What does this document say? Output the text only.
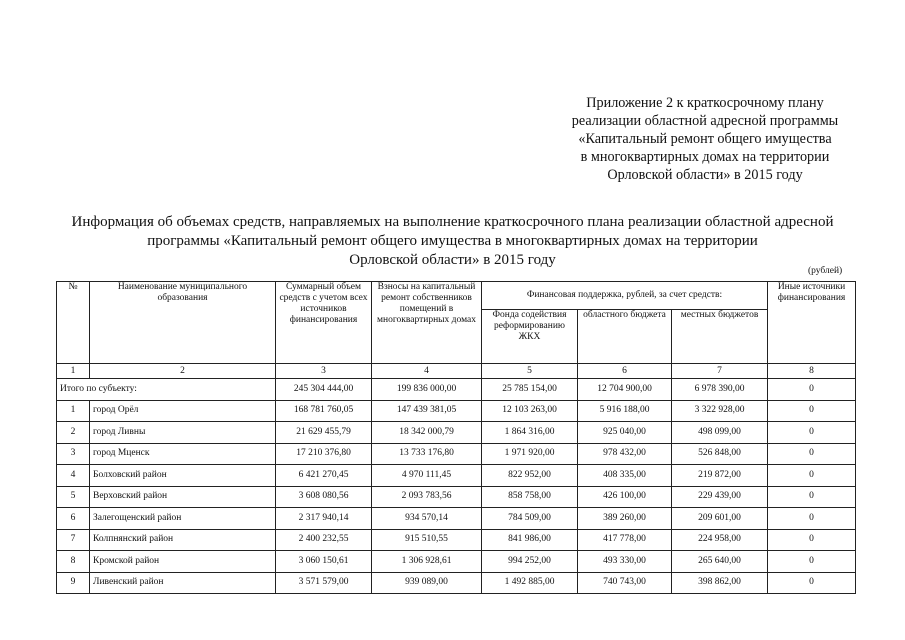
Приложение 2 к краткосрочному плану
реализации областной адресной программы
«Капитальный ремонт общего имущества
в многоквартирных домах на территории
Орловской области» в 2015 году
Информация об объемах средств, направляемых на выполнение краткосрочного плана реализации областной адресной
программы «Капитальный ремонт общего имущества в многоквартирных домах на территории
Орловской области» в 2015 году
(рублей)
№	Наименование муниципального образования	Суммарный объем средств с учетом всех источников финансирования	Взносы на капитальный ремонт собственников помещений в многоквартирных домах	Финансовая поддержка, рублей, за счет средств:			Иные источники финансирования
				Фонда содействия реформированию ЖКХ	областного бюджета	местных бюджетов	
1	2	3	4	5	6	7	8
Итого по субъекту:		245 304 444,00	199 836 000,00	25 785 154,00	12 704 900,00	6 978 390,00	0
1	город Орёл	168 781 760,05	147 439 381,05	12 103 263,00	5 916 188,00	3 322 928,00	0
2	город Ливны	21 629 455,79	18 342 000,79	1 864 316,00	925 040,00	498 099,00	0
3	город Мценск	17 210 376,80	13 733 176,80	1 971 920,00	978 432,00	526 848,00	0
4	Болховский район	6 421 270,45	4 970 111,45	822 952,00	408 335,00	219 872,00	0
5	Верховский район	3 608 080,56	2 093 783,56	858 758,00	426 100,00	229 439,00	0
6	Залегощенский район	2 317 940,14	934 570,14	784 509,00	389 260,00	209 601,00	0
7	Колпнянский район	2 400 232,55	915 510,55	841 986,00	417 778,00	224 958,00	0
8	Кромской район	3 060 150,61	1 306 928,61	994 252,00	493 330,00	265 640,00	0
9	Ливенский район	3 571 579,00	939 089,00	1 492 885,00	740 743,00	398 862,00	0
